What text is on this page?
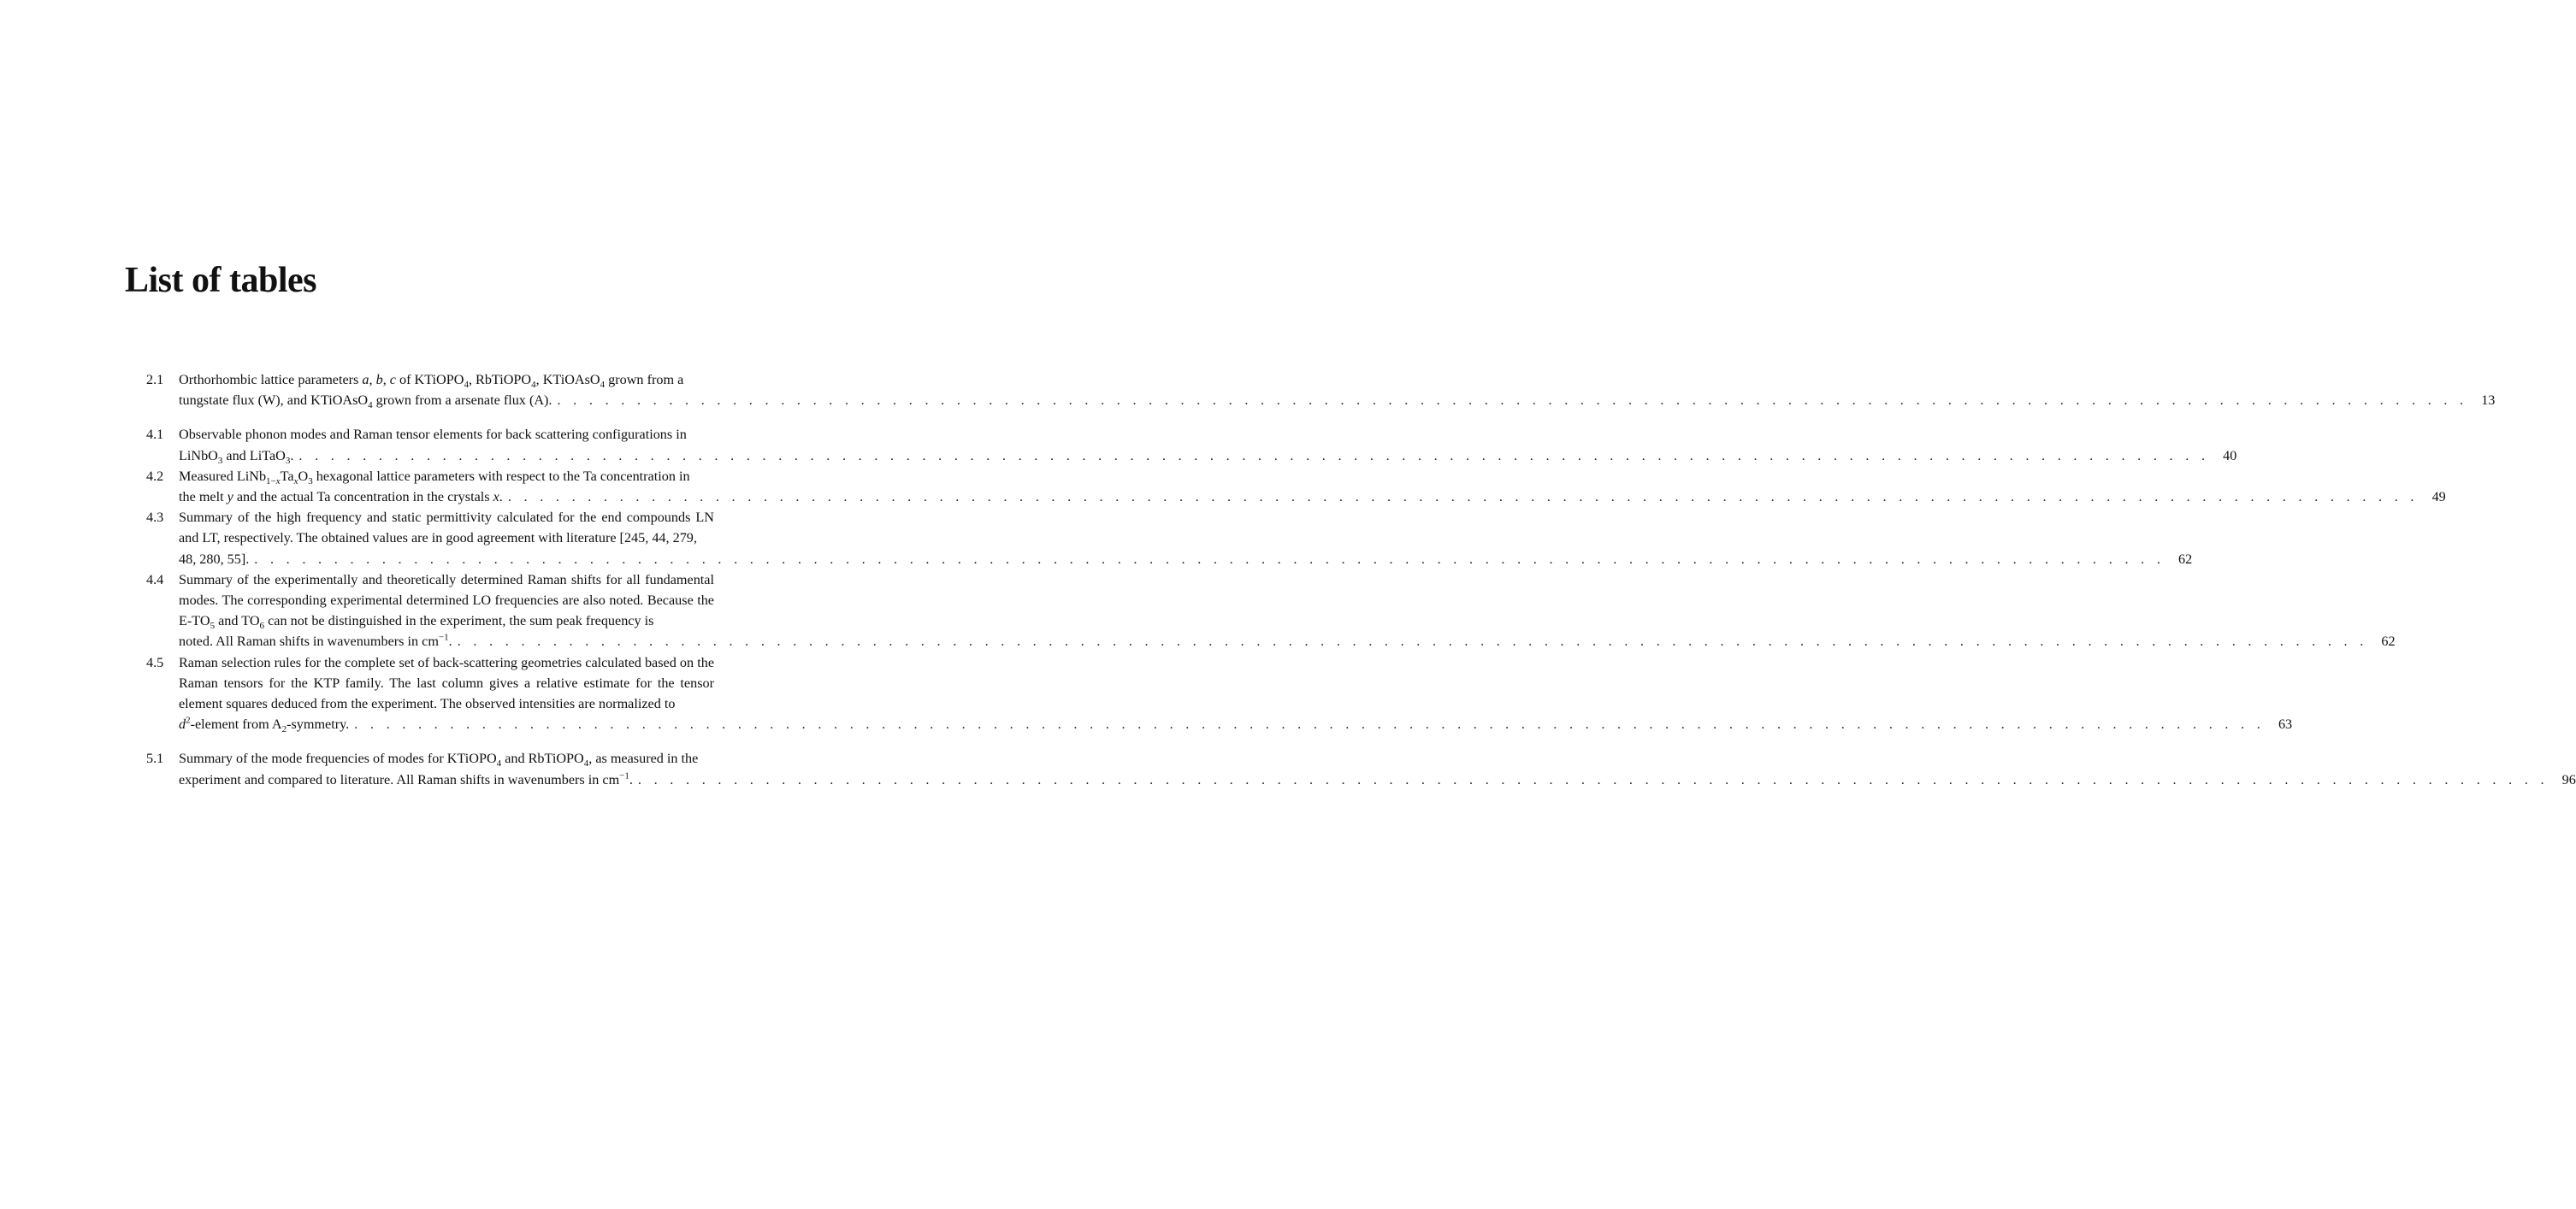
List of tables
2.1 Orthorhombic lattice parameters a, b, c of KTiOPO$_4$, RbTiOPO$_4$, KTiOAsO$_4$ grown from a
tungstate flux (W), and KTiOAsO$_4$ grown from a arsenate flux (A). . . . . . . . . . . . . . . . . . . . . . . . . . . . . . . . . . . . . . . . . . . . . . . . . . . . . . . . . . . . . . . . . . . . . . . . . . . . . . . . . . . . . . . . . . . . . . . . . . . . . . . . . . . . . . . . . . . . . . . . . 13
4.1 Observable phonon modes and Raman tensor elements for back scattering configurations in
LiNbO$_3$ and LiTaO$_3$. . . . . . . . . . . . . . . . . . . . . . . . . . . . . . . . . . . . . . . . . . . . . . . . . . . . . . . . . . . . . . . . . . . . . . . . . . . . . . . . . . . . . . . . . . . . . . . . . . . . . . . . . . . . . . . . . . . . . . . . . 40
4.2 Measured $LiNb_{1-x}Ta_xO_3$ hexagonal lattice parameters with respect to the Ta concentration in
the melt y and the actual Ta concentration in the crystals x. . . . . . . . . . . . . . . . . . . . . . . . . . . . . . . . . . . . . . . . . . . . . . . . . . . . . . . . . . . . . . . . . . . . . . . . . . . . . . . . . . . . . . . . . . . . . . . . . . . . . . . . . . . . . . . . . . . . . . . . . 49
4.3 Summary of the high frequency and static permittivity calculated for the end compounds LN and LT, respectively. The obtained values are in good agreement with literature [245, 44, 279,
48, 280, 55]. . . . . . . . . . . . . . . . . . . . . . . . . . . . . . . . . . . . . . . . . . . . . . . . . . . . . . . . . . . . . . . . . . . . . . . . . . . . . . . . . . . . . . . . . . . . . . . . . . . . . . . . . . . . . . . . . . . . . . . . . 62
4.4 Summary of the experimentally and theoretically determined Raman shifts for all fundamental modes. The corresponding experimental determined LO frequencies are also noted. Because the $E-TO_5$ and $TO_6$ can not be distinguished in the experiment, the sum peak frequency is
noted. All Raman shifts in wavenumbers in $cm^{-1}$. . . . . . . . . . . . . . . . . . . . . . . . . . . . . . . . . . . . . . . . . . . . . . . . . . . . . . . . . . . . . . . . . . . . . . . . . . . . . . . . . . . . . . . . . . . . . . . . . . . . . . . . . . . . . . . . . . . . . . . . . 62
4.5 Raman selection rules for the complete set of back-scattering geometries calculated based on the Raman tensors for the KTP family. The last column gives a relative estimate for the tensor element squares deduced from the experiment. The observed intensities are normalized to
$d^2$-element from $A_2$-symmetry. . . . . . . . . . . . . . . . . . . . . . . . . . . . . . . . . . . . . . . . . . . . . . . . . . . . . . . . . . . . . . . . . . . . . . . . . . . . . . . . . . . . . . . . . . . . . . . . . . . . . . . . . . . . . . . . . . . . . . . . . 63
5.1 Summary of the mode frequencies of modes for KTiOPO$_4$ and RbTiOPO$_4$, as measured in the
experiment and compared to literature. All Raman shifts in wavenumbers in $cm^{-1}$. . . . . . . . . . . . . . . . . . . . . . . . . . . . . . . . . . . . . . . . . . . . . . . . . . . . . . . . . . . . . . . . . . . . . . . . . . . . . . . . . . . . . . . . . . . . . . . . . . . . . . . . . . . . . . . . . . . . . . . . . 96
